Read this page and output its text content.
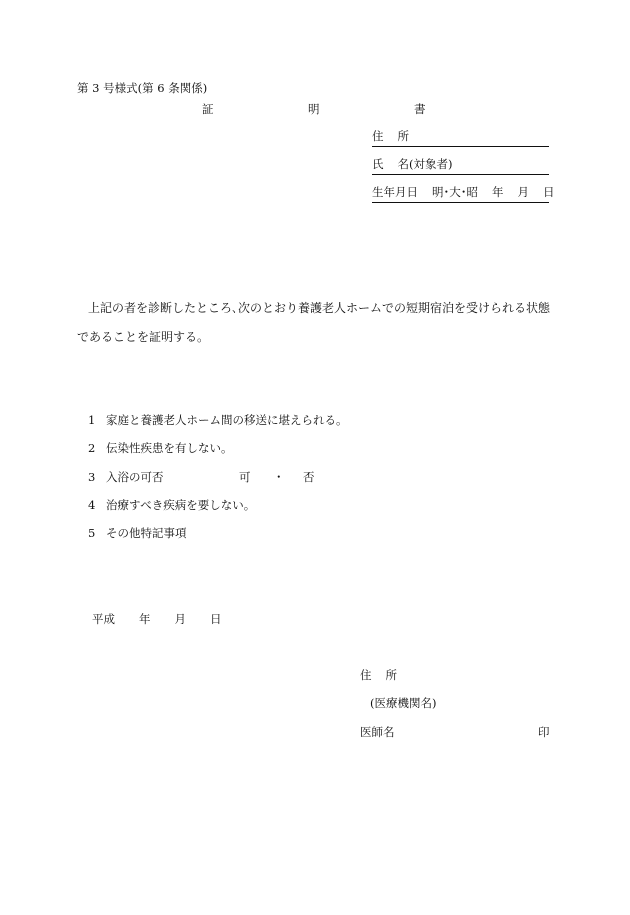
第 3 号様式(第 6 条関係)
証	明	書
住 所
氏 名(対象者)
生年月日 明･大･昭 年 月 日
上記の者を診断したところ､次のとおり養護老人ホームでの短期宿泊を受けられる状態
であることを証明する。
1 家庭と養護老人ホーム間の移送に堪えられる。
2 伝染性疾患を有しない。
3 入浴の可否	可 ・ 否
4 治療すべき疾病を要しない。
5 その他特記事項
平成 年 月 日
住 所
(医療機関名)
医師名	印
